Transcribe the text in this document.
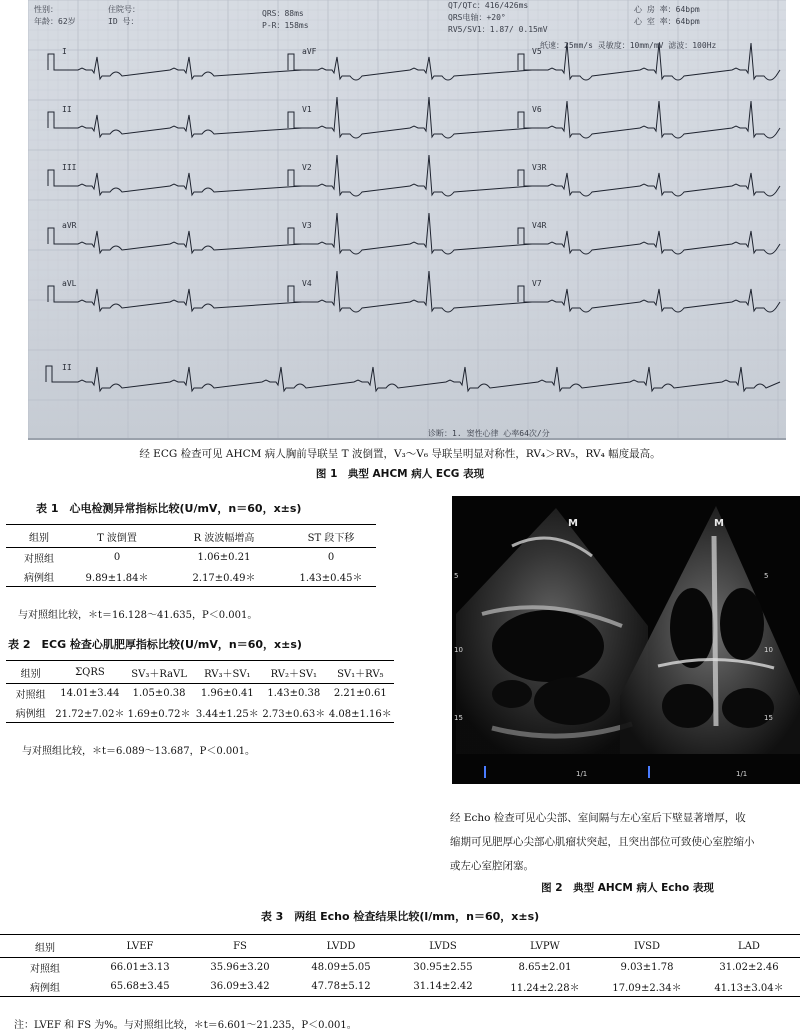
性别：
年龄：62岁
住院号：
ID 号：
QRS：88ms
P-R：158ms
QT/QTc：416/426ms
QRS电轴：+20°
RV5/SV1：1.87/ 0.15mV
心 房 率：64bpm
心 室 率：64bpm
纸速：25mm/s 灵敏度：10mm/mV 滤波：100Hz
诊断：1. 窦性心律 心率64次/分
I
II
III
aVR
aVL
aVF
V1
V2
V3
V4
V5
V6
V3R
V4R
V7
II
经 ECG 检查可见 AHCM 病人胸前导联呈 T 波倒置，V₃～V₆ 导联呈明显对称性，RV₄＞RV₅，RV₄ 幅度最高。
图 1　典型 AHCM 病人 ECG 表现
表 1　心电检测异常指标比较(U/mV，n＝60，x±s)
组别	T 波倒置	R 波波幅增高	ST 段下移
对照组	0	1.06±0.21	0
病例组	9.89±1.84＊	2.17±0.49＊	1.43±0.45＊
与对照组比较，＊t＝16.128～41.635，P＜0.001。
表 2　ECG 检查心肌肥厚指标比较(U/mV，n＝60，x±s)
组别	ΣQRS	SV₃＋RaVL	RV₃＋SV₁	RV₂＋SV₁	SV₁＋RV₅
对照组	14.01±3.44	1.05±0.38	1.96±0.41	1.43±0.38	2.21±0.61
病例组	21.72±7.02＊	1.69±0.72＊	3.44±1.25＊	2.73±0.63＊	4.08±1.16＊
与对照组比较，＊t＝6.089～13.687，P＜0.001。
M	M
5
10
15
5
10
15
1/1	1/1
经 Echo 检查可见心尖部、室间隔与左心室后下壁显著增厚，收
缩期可见肥厚心尖部心肌瘤状突起，且突出部位可致使心室腔缩小
或左心室腔闭塞。
图 2　典型 AHCM 病人 Echo 表现
表 3　两组 Echo 检查结果比较(l/mm，n＝60，x±s)
组别	LVEF	FS	LVDD	LVDS	LVPW	IVSD	LAD
对照组	66.01±3.13	35.96±3.20	48.09±5.05	30.95±2.55	8.65±2.01	9.03±1.78	31.02±2.46
病例组	65.68±3.45	36.09±3.42	47.78±5.12	31.14±2.42	11.24±2.28＊	17.09±2.34＊	41.13±3.04＊
注：LVEF 和 FS 为%。与对照组比较，＊t＝6.601～21.235，P＜0.001。
